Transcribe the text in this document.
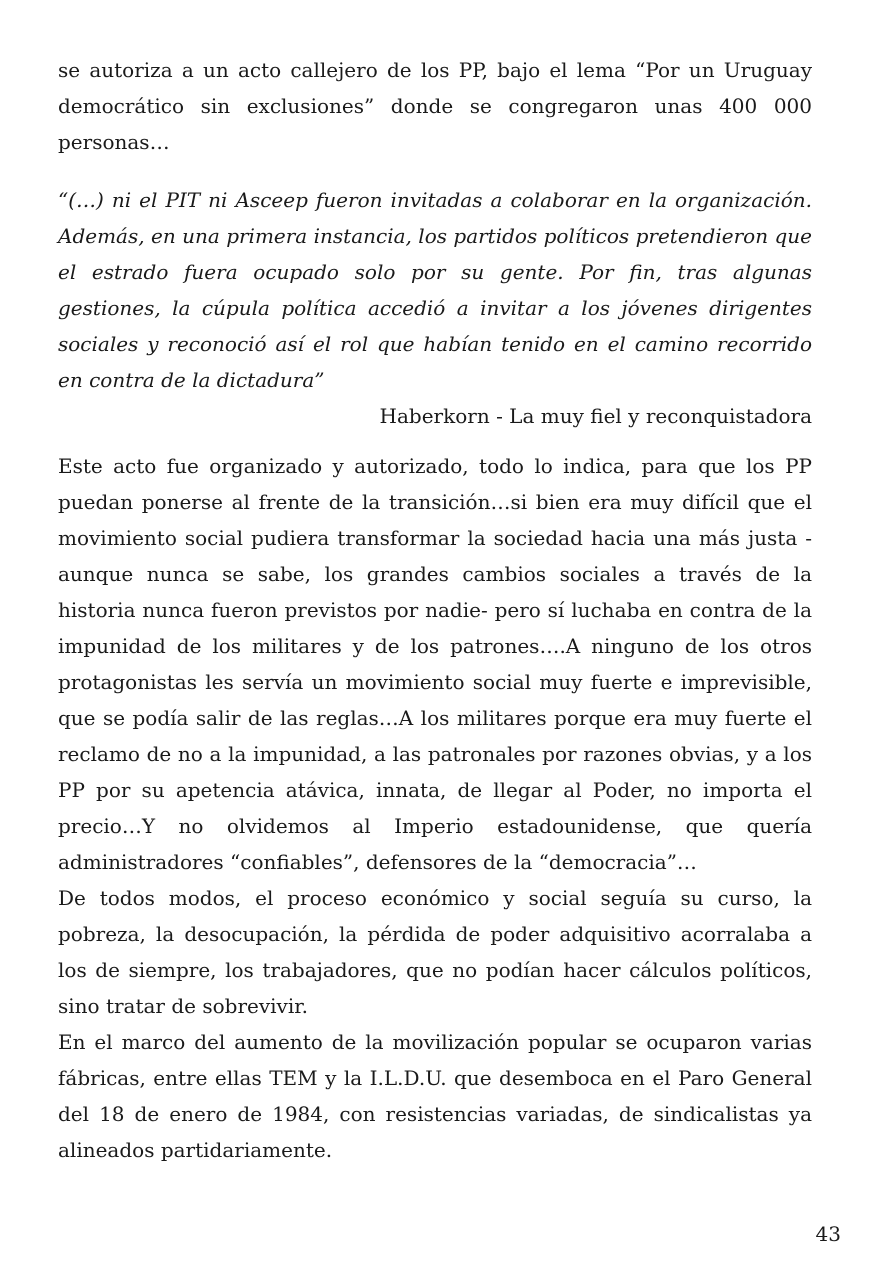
se autoriza a un acto callejero de los PP, bajo el lema “Por un Uruguay democrático sin exclusiones” donde se congregaron unas 400 000 personas…

“(…) ni el PIT ni Asceep fueron invitadas a colaborar en la organización. Además, en una primera instancia, los partidos políticos pretendieron que el estrado fuera ocupado solo por su gente. Por fin, tras algunas gestiones, la cúpula política accedió a invitar a los jóvenes dirigentes sociales y reconoció así el rol que habían tenido en el camino recorrido en contra de la dictadura”

Haberkorn - La muy fiel y reconquistadora

Este acto fue organizado y autorizado, todo lo indica, para que los PP puedan ponerse al frente de la transición…si bien era muy difícil que el movimiento social pudiera transformar la sociedad hacia una más justa -aunque nunca se sabe, los grandes cambios sociales a través de la historia nunca fueron previstos por nadie- pero sí luchaba en contra de la impunidad de los militares y de los patrones….A ninguno de los otros protagonistas les servía un movimiento social muy fuerte e imprevisible, que se podía salir de las reglas…A los militares porque era muy fuerte el reclamo de no a la impunidad, a las patronales por razones obvias, y a los PP por su apetencia atávica, innata, de llegar al Poder, no importa el precio…Y no olvidemos al Imperio estadounidense, que quería administradores “confiables”, defensores de la “democracia”…

De todos modos, el proceso económico y social seguía su curso, la pobreza, la desocupación, la pérdida de poder adquisitivo acorralaba a los de siempre, los trabajadores, que no podían hacer cálculos políticos, sino tratar de sobrevivir.

En el marco del aumento de la movilización popular se ocuparon varias fábricas, entre ellas TEM y la I.L.D.U. que desemboca en el Paro General del 18 de enero de 1984, con resistencias variadas, de sindicalistas ya alineados partidariamente.

43
